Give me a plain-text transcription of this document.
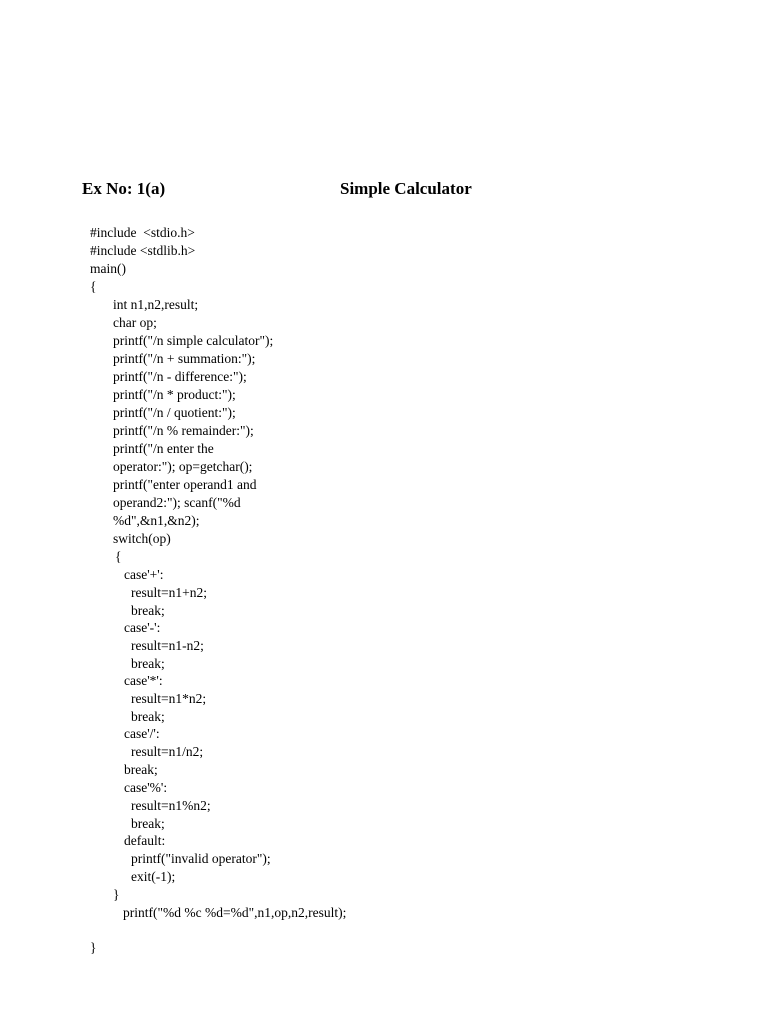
Ex No: 1(a)	Simple Calculator
#include  <stdio.h>
#include <stdlib.h>
main()
{
int n1,n2,result;
char op;
printf("/n simple calculator");
printf("/n + summation:");
printf("/n - difference:");
printf("/n * product:");
printf("/n / quotient:");
printf("/n % remainder:");
printf("/n enter the
operator:"); op=getchar();
printf("enter operand1 and
operand2:"); scanf("%d
%d",&n1,&n2);
switch(op)
{
case'+':
result=n1+n2;
break;
case'-':
result=n1-n2;
break;
case'*':
result=n1*n2;
break;
case'/':
result=n1/n2;
break;
case'%':
result=n1%n2;
break;
default:
printf("invalid operator");
exit(-1);
}
printf("%d %c %d=%d",n1,op,n2,result);
}
